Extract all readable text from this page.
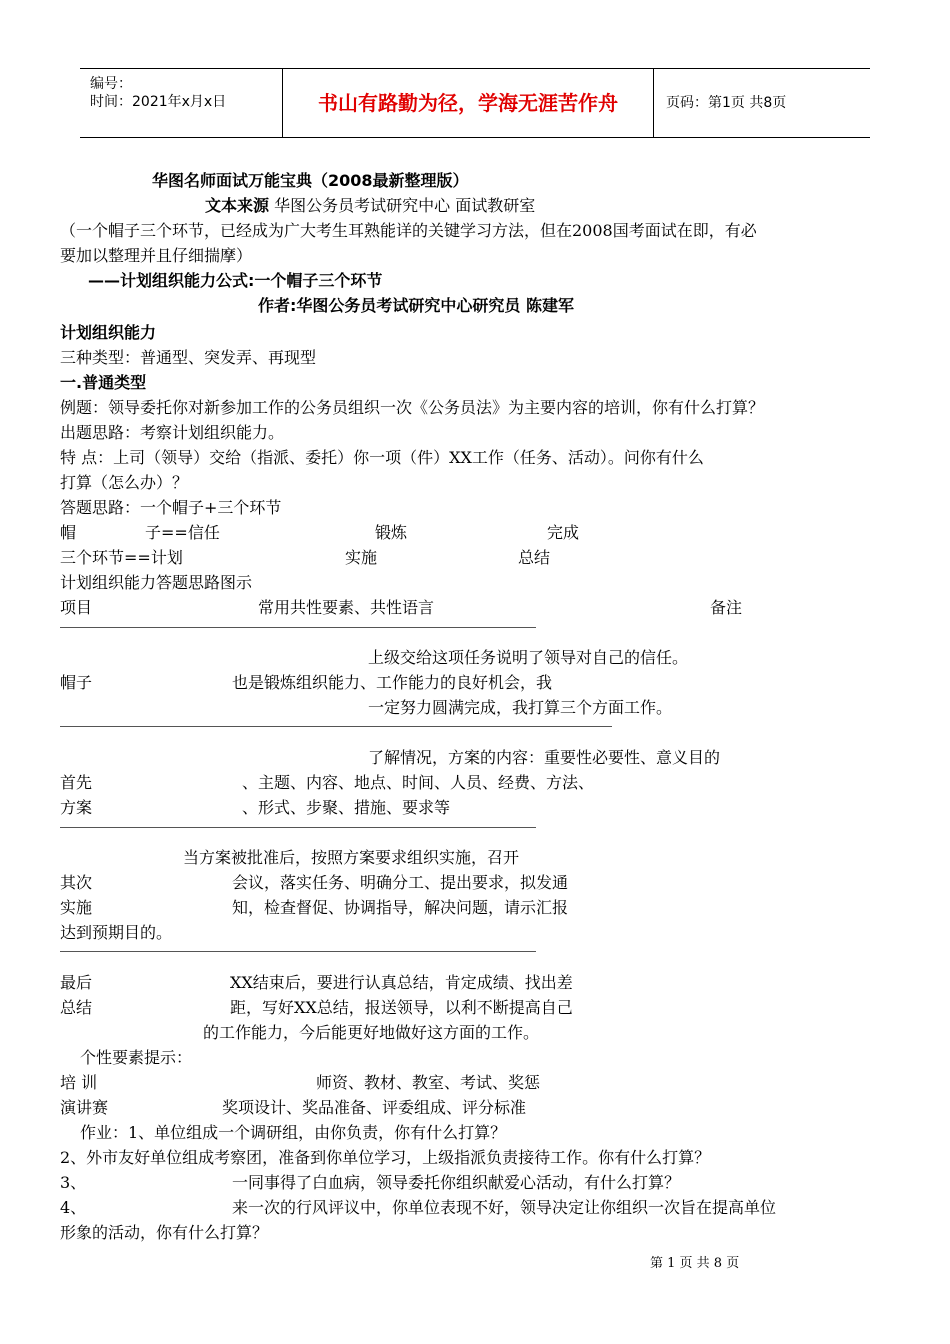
编号：
时间：2021年x月x日	书山有路勤为径，学海无涯苦作舟	页码：第1页 共8页
华图名师面试万能宝典（2008最新整理版）
文本来源 华图公务员考试研究中心 面试教研室
（一个帽子三个环节，已经成为广大考生耳熟能详的关键学习方法，但在2008国考面试在即，有必
要加以整理并且仔细揣摩）
——计划组织能力公式:一个帽子三个环节
作者:华图公务员考试研究中心研究员 陈建军
计划组织能力
三种类型：普通型、突发弄、再现型
一.普通类型
例题：领导委托你对新参加工作的公务员组织一次《公务员法》为主要内容的培训，你有什么打算？
出题思路：考察计划组织能力。
特 点：上司（领导）交给（指派、委托）你一项（件）XX工作（任务、活动）。问你有什么
打算（怎么办）？
答题思路：一个帽子+三个环节
帽	子==信任	锻炼	完成
三个环节==计划	实施	总结
计划组织能力答题思路图示
项目	常用共性要素、共性语言	备注
上级交给这项任务说明了领导对自己的信任。
帽子	也是锻炼组织能力、工作能力的良好机会，我
一定努力圆满完成，我打算三个方面工作。
了解情况，方案的内容：重要性必要性、意义目的
首先	、主题、内容、地点、时间、人员、经费、方法、
方案	、形式、步聚、措施、要求等
当方案被批准后，按照方案要求组织实施，召开
其次	会议，落实任务、明确分工、提出要求，拟发通
实施	知，检查督促、协调指导，解决问题，请示汇报
达到预期目的。
最后	XX结束后，要进行认真总结，肯定成绩、找出差
总结	距，写好XX总结，报送领导，以利不断提高自己
的工作能力，今后能更好地做好这方面的工作。
个性要素提示：
培 训	师资、教材、教室、考试、奖惩
演讲赛	奖项设计、奖品准备、评委组成、评分标准
作业：1、单位组成一个调研组，由你负责，你有什么打算？
2、外市友好单位组成考察团，准备到你单位学习，上级指派负责接待工作。你有什么打算？
3、	一同事得了白血病，领导委托你组织献爱心活动，有什么打算？
4、	来一次的行风评议中，你单位表现不好，领导决定让你组织一次旨在提高单位
形象的活动，你有什么打算？
第 1 页 共 8 页
